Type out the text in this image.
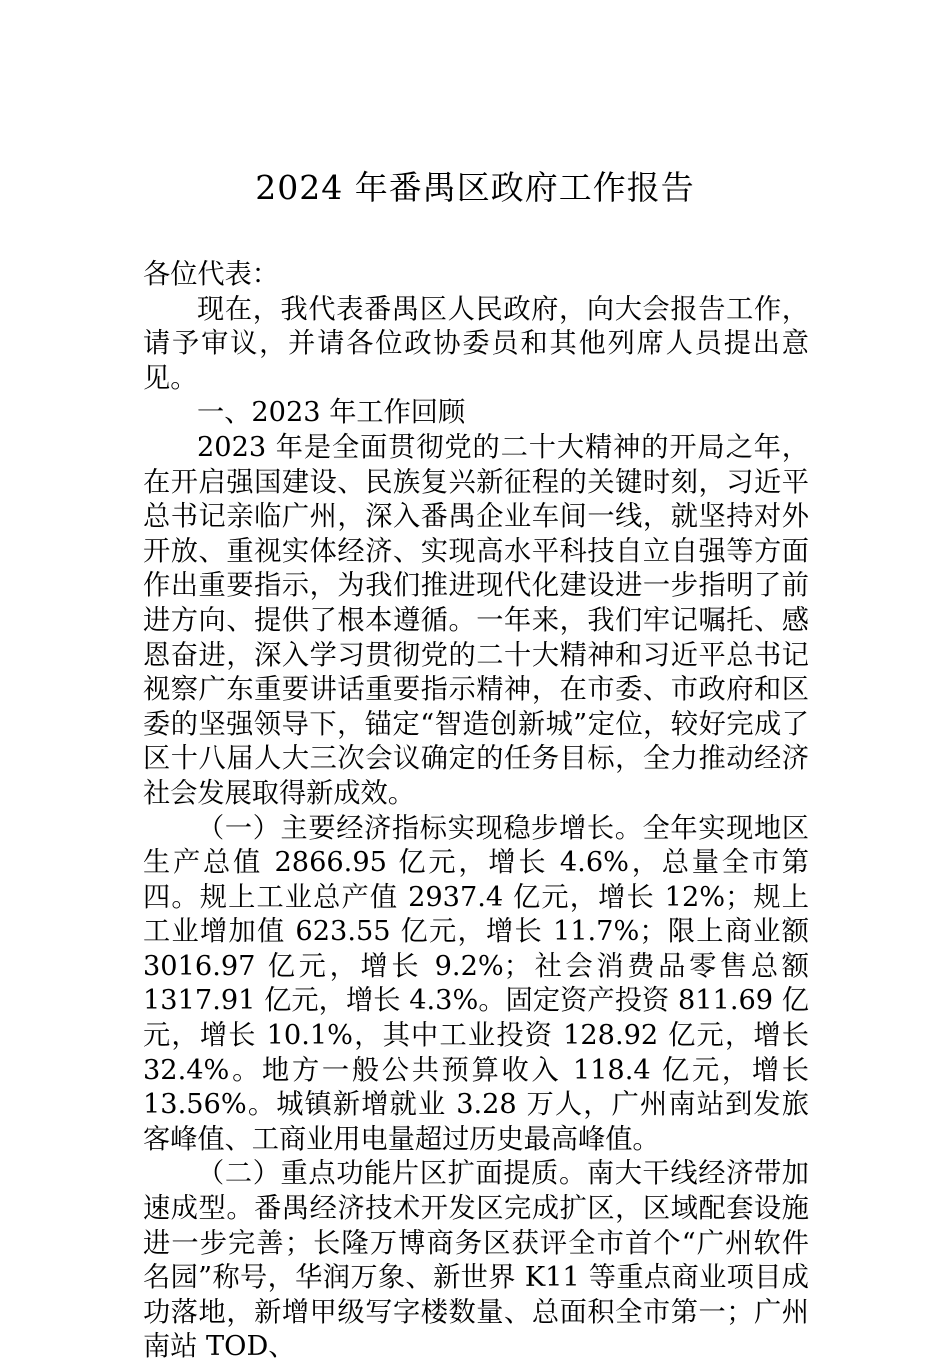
2024 年番禺区政府工作报告

各位代表：

现在，我代表番禺区人民政府，向大会报告工作，请予审议，并请各位政协委员和其他列席人员提出意见。

一、2023 年工作回顾

2023 年是全面贯彻党的二十大精神的开局之年，在开启强国建设、民族复兴新征程的关键时刻，习近平总书记亲临广州，深入番禺企业车间一线，就坚持对外开放、重视实体经济、实现高水平科技自立自强等方面作出重要指示，为我们推进现代化建设进一步指明了前进方向、提供了根本遵循。一年来，我们牢记嘱托、感恩奋进，深入学习贯彻党的二十大精神和习近平总书记视察广东重要讲话重要指示精神，在市委、市政府和区委的坚强领导下，锚定“智造创新城”定位，较好完成了区十八届人大三次会议确定的任务目标，全力推动经济社会发展取得新成效。

（一）主要经济指标实现稳步增长。全年实现地区生产总值 2866.95 亿元，增长 4.6%，总量全市第四。规上工业总产值 2937.4 亿元，增长 12%；规上工业增加值 623.55 亿元，增长 11.7%；限上商业额 3016.97 亿元，增长 9.2%；社会消费品零售总额 1317.91 亿元，增长 4.3%。固定资产投资 811.69 亿元，增长 10.1%，其中工业投资 128.92 亿元，增长 32.4%。地方一般公共预算收入 118.4 亿元，增长 13.56%。城镇新增就业 3.28 万人，广州南站到发旅客峰值、工商业用电量超过历史最高峰值。

（二）重点功能片区扩面提质。南大干线经济带加速成型。番禺经济技术开发区完成扩区，区域配套设施进一步完善；长隆万博商务区获评全市首个“广州软件名园”称号，华润万象、新世界 K11 等重点商业项目成功落地，新增甲级写字楼数量、总面积全市第一；广州南站 TOD、
